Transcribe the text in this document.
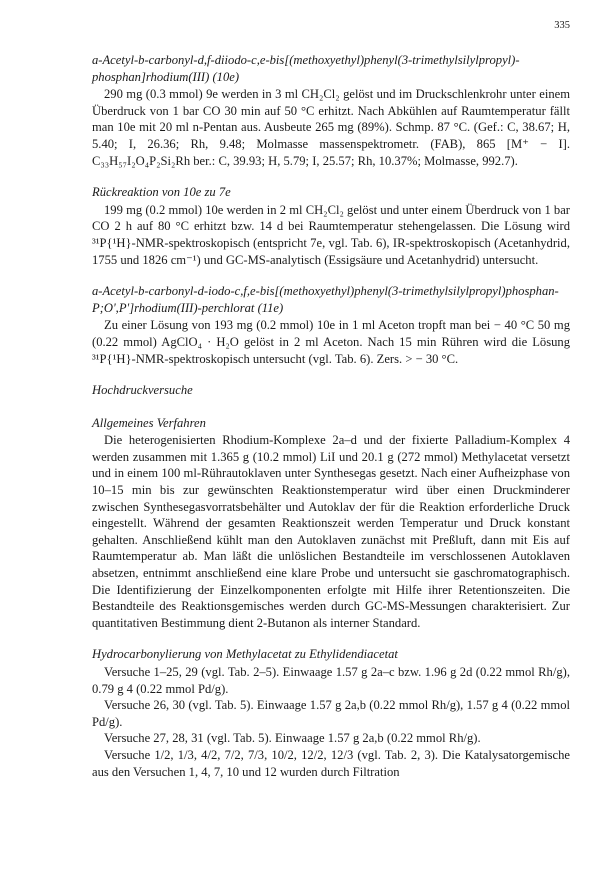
335

a-Acetyl-b-carbonyl-d,f-diiodo-c,e-bis[(methoxyethyl)phenyl(3-trimethylsilylpropyl)-phosphan]rhodium(III) (10e)

290 mg (0.3 mmol) 9e werden in 3 ml CH₂Cl₂ gelöst und im Druckschlenkrohr unter einem Überdruck von 1 bar CO 30 min auf 50 °C erhitzt. Nach Abkühlen auf Raumtemperatur fällt man 10e mit 20 ml n-Pentan aus. Ausbeute 265 mg (89%). Schmp. 87 °C. (Gef.: C, 38.67; H, 5.40; I, 26.36; Rh, 9.48; Molmasse massenspektrometr. (FAB), 865 [M⁺ − I]. C₃₃H₅₇I₂O₄P₂Si₂Rh ber.: C, 39.93; H, 5.79; I, 25.57; Rh, 10.37%; Molmasse, 992.7).

Rückreaktion von 10e zu 7e

199 mg (0.2 mmol) 10e werden in 2 ml CH₂Cl₂ gelöst und unter einem Überdruck von 1 bar CO 2 h auf 80 °C erhitzt bzw. 14 d bei Raumtemperatur stehengelassen. Die Lösung wird ³¹P{¹H}-NMR-spektroskopisch (entspricht 7e, vgl. Tab. 6), IR-spektroskopisch (Acetanhydrid, 1755 und 1826 cm⁻¹) und GC-MS-analytisch (Essigsäure und Acetanhydrid) untersucht.

a-Acetyl-b-carbonyl-d-iodo-c,f,e-bis[(methoxyethyl)phenyl(3-trimethylsilylpropyl)phosphan-P;O',P']rhodium(III)-perchlorat (11e)

Zu einer Lösung von 193 mg (0.2 mmol) 10e in 1 ml Aceton tropft man bei − 40 °C 50 mg (0.22 mmol) AgClO₄ · H₂O gelöst in 2 ml Aceton. Nach 15 min Rühren wird die Lösung ³¹P{¹H}-NMR-spektroskopisch untersucht (vgl. Tab. 6). Zers. > − 30 °C.

Hochdruckversuche

Allgemeines Verfahren

Die heterogenisierten Rhodium-Komplexe 2a–d und der fixierte Palladium-Komplex 4 werden zusammen mit 1.365 g (10.2 mmol) LiI und 20.1 g (272 mmol) Methylacetat versetzt und in einem 100 ml-Rührautoklaven unter Synthesegas gesetzt. Nach einer Aufheizphase von 10–15 min bis zur gewünschten Reaktionstemperatur wird über einen Druckminderer zwischen Synthesegasvorratsbehälter und Autoklav der für die Reaktion erforderliche Druck eingestellt. Während der gesamten Reaktionszeit werden Temperatur und Druck konstant gehalten. Anschließend kühlt man den Autoklaven zunächst mit Preßluft, dann mit Eis auf Raumtemperatur ab. Man läßt die unlöslichen Bestandteile im verschlossenen Autoklaven absetzen, entnimmt anschließend eine klare Probe und untersucht sie gaschromatographisch. Die Identifizierung der Einzelkomponenten erfolgte mit Hilfe ihrer Retentionszeiten. Die Bestandteile des Reaktionsgemisches werden durch GC-MS-Messungen charakterisiert. Zur quantitativen Bestimmung dient 2-Butanon als interner Standard.

Hydrocarbonylierung von Methylacetat zu Ethylidendiacetat

Versuche 1–25, 29 (vgl. Tab. 2–5). Einwaage 1.57 g 2a–c bzw. 1.96 g 2d (0.22 mmol Rh/g), 0.79 g 4 (0.22 mmol Pd/g).

Versuche 26, 30 (vgl. Tab. 5). Einwaage 1.57 g 2a,b (0.22 mmol Rh/g), 1.57 g 4 (0.22 mmol Pd/g).

Versuche 27, 28, 31 (vgl. Tab. 5). Einwaage 1.57 g 2a,b (0.22 mmol Rh/g).

Versuche 1/2, 1/3, 4/2, 7/2, 7/3, 10/2, 12/2, 12/3 (vgl. Tab. 2, 3). Die Katalysatorgemische aus den Versuchen 1, 4, 7, 10 und 12 wurden durch Filtration
